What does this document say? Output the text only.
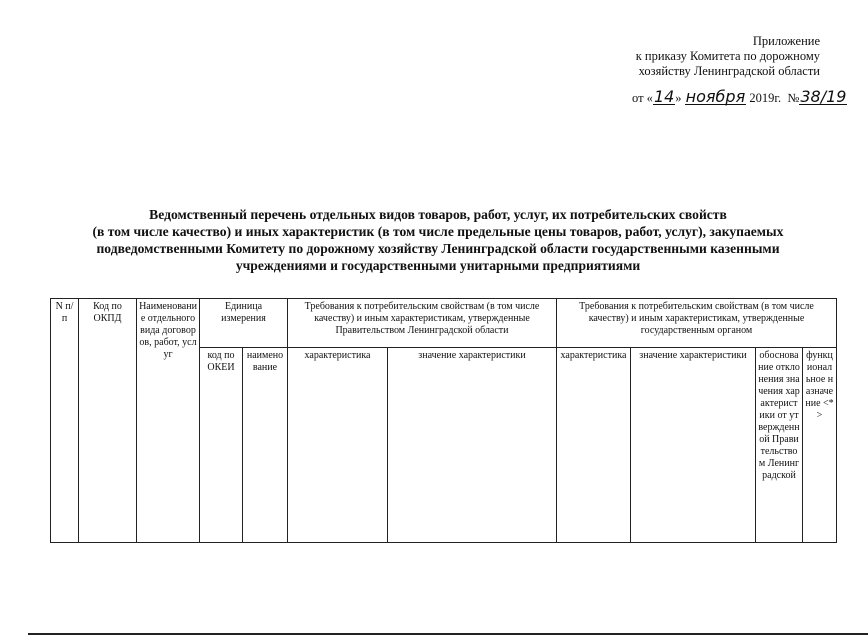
Приложение
к приказу Комитета по дорожному
хозяйству Ленинградской области
от «14» ноября 2019г. №38/19
Ведомственный перечень отдельных видов товаров, работ, услуг, их потребительских свойств
(в том числе качество) и иных характеристик (в том числе предельные цены товаров, работ, услуг), закупаемых
подведомственными Комитету по дорожному хозяйству Ленинградской области государственными казенными
учреждениями и государственными унитарными предприятиями
N п/п	Код по ОКПД	Наименование отдельного вида договоров, работ, услуг	Единица измерения		Требования к потребительским свойствам (в том числе качеству) и иным характеристикам, утвержденные Правительством Ленинградской области		Требования к потребительским свойствам (в том числе качеству) и иным характеристикам, утвержденные государственным органом			
			код по ОКЕИ	наименование	характеристика	значение характеристики	характеристика	значение характеристики	обоснование отклонения значения характеристики от утвержденной Правительством Ленинградской	функциональное назначение <*>
